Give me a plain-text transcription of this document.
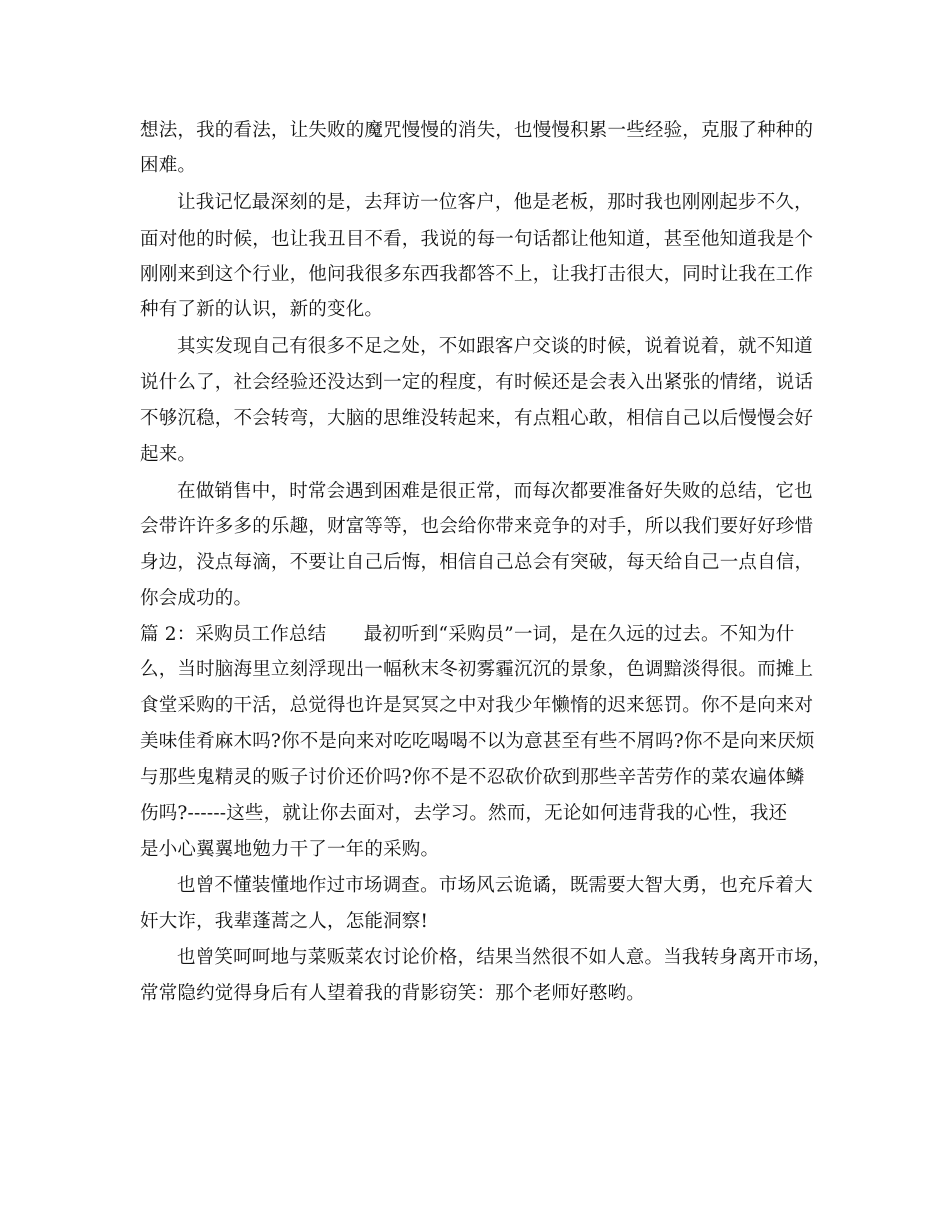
想法，我的看法，让失败的魔咒慢慢的消失，也慢慢积累一些经验，克服了种种的
困难。
让我记忆最深刻的是，去拜访一位客户，他是老板，那时我也刚刚起步不久，
面对他的时候，也让我丑目不看，我说的每一句话都让他知道，甚至他知道我是个
刚刚来到这个行业，他问我很多东西我都答不上，让我打击很大，同时让我在工作
种有了新的认识，新的变化。
其实发现自己有很多不足之处，不如跟客户交谈的时候，说着说着，就不知道
说什么了，社会经验还没达到一定的程度，有时候还是会表入出紧张的情绪，说话
不够沉稳，不会转弯，大脑的思维没转起来，有点粗心敢，相信自己以后慢慢会好
起来。
在做销售中，时常会遇到困难是很正常，而每次都要准备好失败的总结，它也
会带许许多多的乐趣，财富等等，也会给你带来竞争的对手，所以我们要好好珍惜
身边，没点每滴，不要让自己后悔，相信自己总会有突破，每天给自己一点自信，
你会成功的。
篇 2：采购员工作总结　　最初听到“采购员”一词，是在久远的过去。不知为什
么，当时脑海里立刻浮现出一幅秋末冬初雾霾沉沉的景象，色调黯淡得很。而摊上
食堂采购的干活，总觉得也许是冥冥之中对我少年懒惰的迟来惩罚。你不是向来对
美味佳肴麻木吗?你不是向来对吃吃喝喝不以为意甚至有些不屑吗?你不是向来厌烦
与那些鬼精灵的贩子讨价还价吗?你不是不忍砍价砍到那些辛苦劳作的菜农遍体鳞
伤吗?------这些，就让你去面对，去学习。然而，无论如何违背我的心性，我还
是小心翼翼地勉力干了一年的采购。
也曾不懂装懂地作过市场调查。市场风云诡谲，既需要大智大勇，也充斥着大
奸大诈，我辈蓬蒿之人，怎能洞察!
也曾笑呵呵地与菜贩菜农讨论价格，结果当然很不如人意。当我转身离开市场，
常常隐约觉得身后有人望着我的背影窃笑：那个老师好憨哟。
